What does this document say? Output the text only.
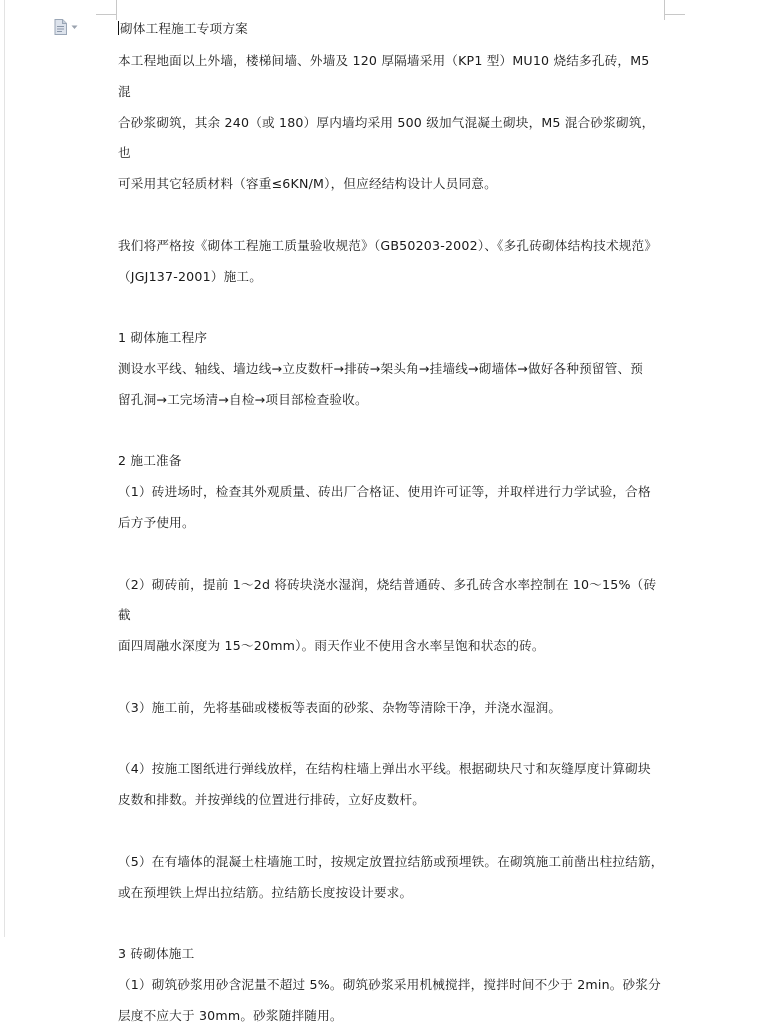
砌体工程施工专项方案

本工程地面以上外墙，楼梯间墙、外墙及 120 厚隔墙采用（KP1 型）MU10 烧结多孔砖，M5 混

合砂浆砌筑，其余 240（或 180）厚内墙均采用 500 级加气混凝土砌块，M5 混合砂浆砌筑，也

可采用其它轻质材料（容重≤6KN/M），但应经结构设计人员同意。

我们将严格按《砌体工程施工质量验收规范》（GB50203-2002）、《多孔砖砌体结构技术规范》

（JGJ137-2001）施工。

1 砌体施工程序

测设水平线、轴线、墙边线→立皮数杆→排砖→架头角→挂墙线→砌墙体→做好各种预留管、预

留孔洞→工完场清→自检→项目部检查验收。

2 施工准备

（1）砖进场时，检查其外观质量、砖出厂合格证、使用许可证等，并取样进行力学试验，合格

后方予使用。

（2）砌砖前，提前 1～2d 将砖块浇水湿润，烧结普通砖、多孔砖含水率控制在 10～15%（砖截

面四周融水深度为 15～20mm）。雨天作业不使用含水率呈饱和状态的砖。

（3）施工前，先将基础或楼板等表面的砂浆、杂物等清除干净，并浇水湿润。

（4）按施工图纸进行弹线放样，在结构柱墙上弹出水平线。根据砌块尺寸和灰缝厚度计算砌块

皮数和排数。并按弹线的位置进行排砖，立好皮数杆。

（5）在有墙体的混凝土柱墙施工时，按规定放置拉结筋或预埋铁。在砌筑施工前凿出柱拉结筋，

或在预埋铁上焊出拉结筋。拉结筋长度按设计要求。

3 砖砌体施工

（1）砌筑砂浆用砂含泥量不超过 5%。砌筑砂浆采用机械搅拌，搅拌时间不少于 2min。砂浆分

层度不应大于 30mm。砂浆随拌随用。
